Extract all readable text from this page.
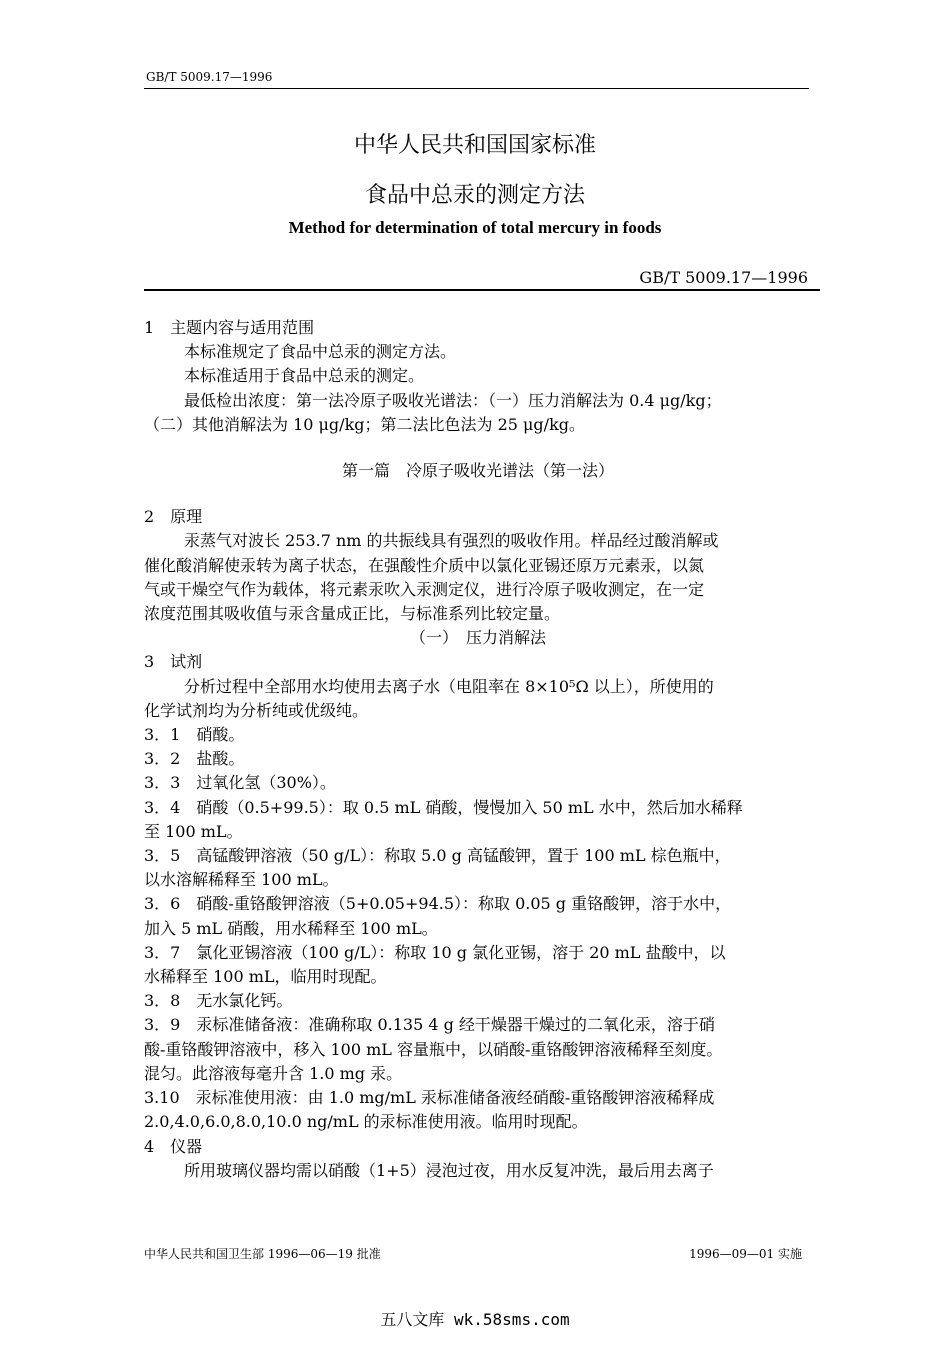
GB/T 5009.17—1996
中华人民共和国国家标准
食品中总汞的测定方法
Method for determination of total mercury in foods
GB/T 5009.17—1996

1　主题内容与适用范围

本标准规定了食品中总汞的测定方法。

本标准适用于食品中总汞的测定。

最低检出浓度：第一法冷原子吸收光谱法：（一）压力消解法为 0.4 μg/kg；

（二）其他消解法为 10 μg/kg；第二法比色法为 25 μg/kg。

第一篇　冷原子吸收光谱法（第一法）

2　原理

汞蒸气对波长 253.7 nm 的共振线具有强烈的吸收作用。样品经过酸消解或

催化酸消解使汞转为离子状态，在强酸性介质中以氯化亚锡还原万元素汞，以氮

气或干燥空气作为载体，将元素汞吹入汞测定仪，进行冷原子吸收测定，在一定

浓度范围其吸收值与汞含量成正比，与标准系列比较定量。

（一）　压力消解法

3　试剂

分析过程中全部用水均使用去离子水（电阻率在 8×10⁵Ω 以上），所使用的

化学试剂均为分析纯或优级纯。

3．1　硝酸。

3．2　盐酸。

3．3　过氧化氢（30%）。

3．4　硝酸（0.5+99.5）：取 0.5 mL 硝酸，慢慢加入 50 mL 水中，然后加水稀释

至 100 mL。

3．5　高锰酸钾溶液（50 g/L）：称取 5.0 g 高锰酸钾，置于 100 mL 棕色瓶中，

以水溶解稀释至 100 mL。

3．6　硝酸-重铬酸钾溶液（5+0.05+94.5）：称取 0.05 g 重铬酸钾，溶于水中，

加入 5 mL 硝酸，用水稀释至 100 mL。

3．7　氯化亚锡溶液（100 g/L）：称取 10 g 氯化亚锡，溶于 20 mL 盐酸中，以

水稀释至 100 mL，临用时现配。

3．8　无水氯化钙。

3．9　汞标准储备液：准确称取 0.135 4 g 经干燥器干燥过的二氧化汞，溶于硝

酸-重铬酸钾溶液中，移入 100 mL 容量瓶中，以硝酸-重铬酸钾溶液稀释至刻度。

混匀。此溶液每毫升含 1.0 mg 汞。

3.10　汞标准使用液：由 1.0 mg/mL 汞标准储备液经硝酸-重铬酸钾溶液稀释成

2.0,4.0,6.0,8.0,10.0 ng/mL 的汞标准使用液。临用时现配。

4　仪器

所用玻璃仪器均需以硝酸（1+5）浸泡过夜，用水反复冲洗，最后用去离子

中华人民共和国卫生部 1996—06—19 批准	1996—09—01 实施
五八文库 wk.58sms.com
